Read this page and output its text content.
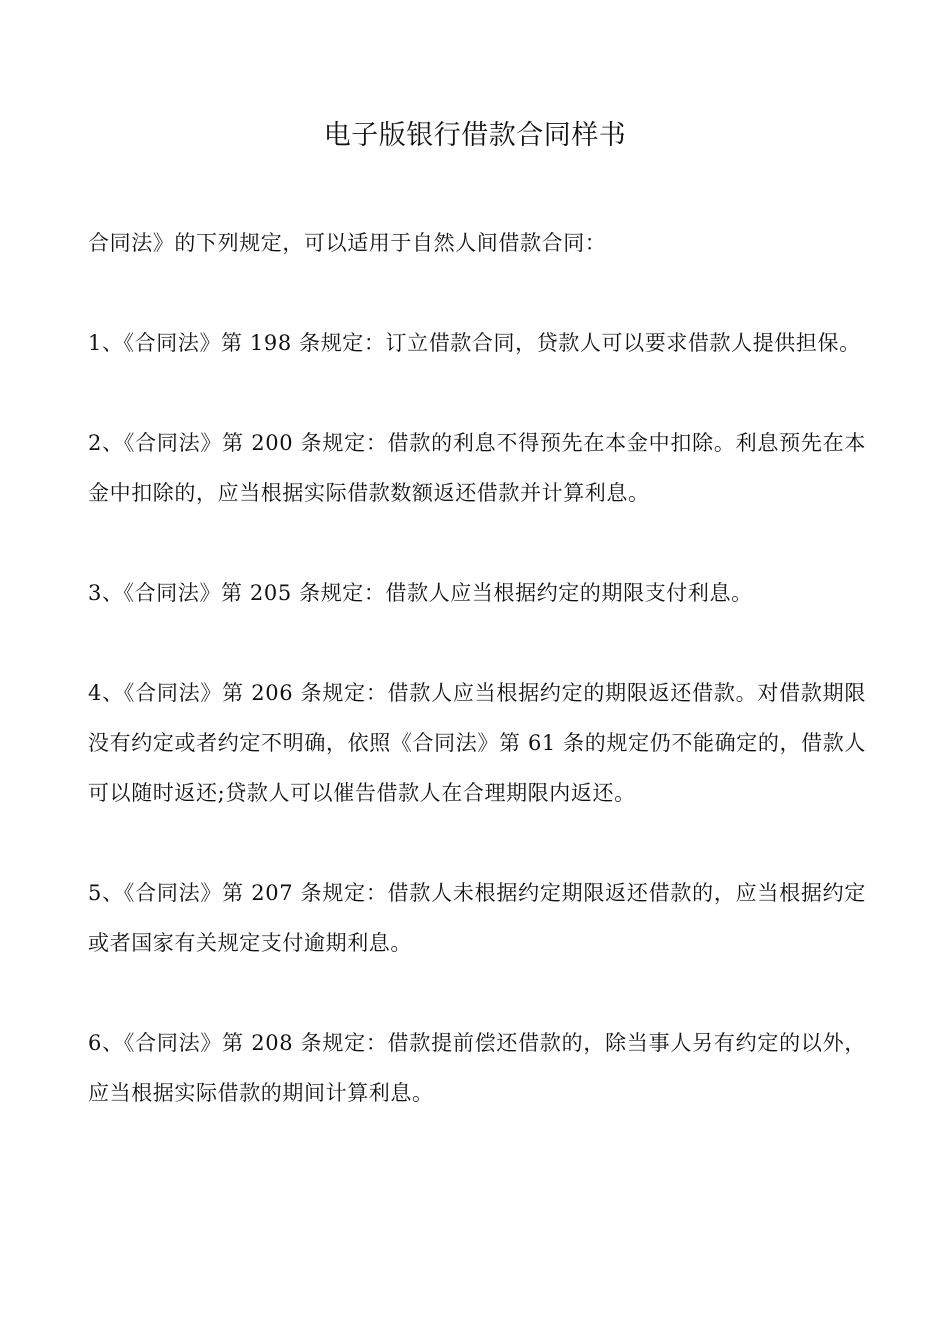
电子版银行借款合同样书

合同法》的下列规定，可以适用于自然人间借款合同：

1、《合同法》第 198 条规定：订立借款合同，贷款人可以要求借款人提供担保。

2、《合同法》第 200 条规定：借款的利息不得预先在本金中扣除。利息预先在本金中扣除的，应当根据实际借款数额返还借款并计算利息。

3、《合同法》第 205 条规定：借款人应当根据约定的期限支付利息。

4、《合同法》第 206 条规定：借款人应当根据约定的期限返还借款。对借款期限没有约定或者约定不明确，依照《合同法》第 61 条的规定仍不能确定的，借款人可以随时返还;贷款人可以催告借款人在合理期限内返还。

5、《合同法》第 207 条规定：借款人未根据约定期限返还借款的，应当根据约定或者国家有关规定支付逾期利息。

6、《合同法》第 208 条规定：借款提前偿还借款的，除当事人另有约定的以外，应当根据实际借款的期间计算利息。
